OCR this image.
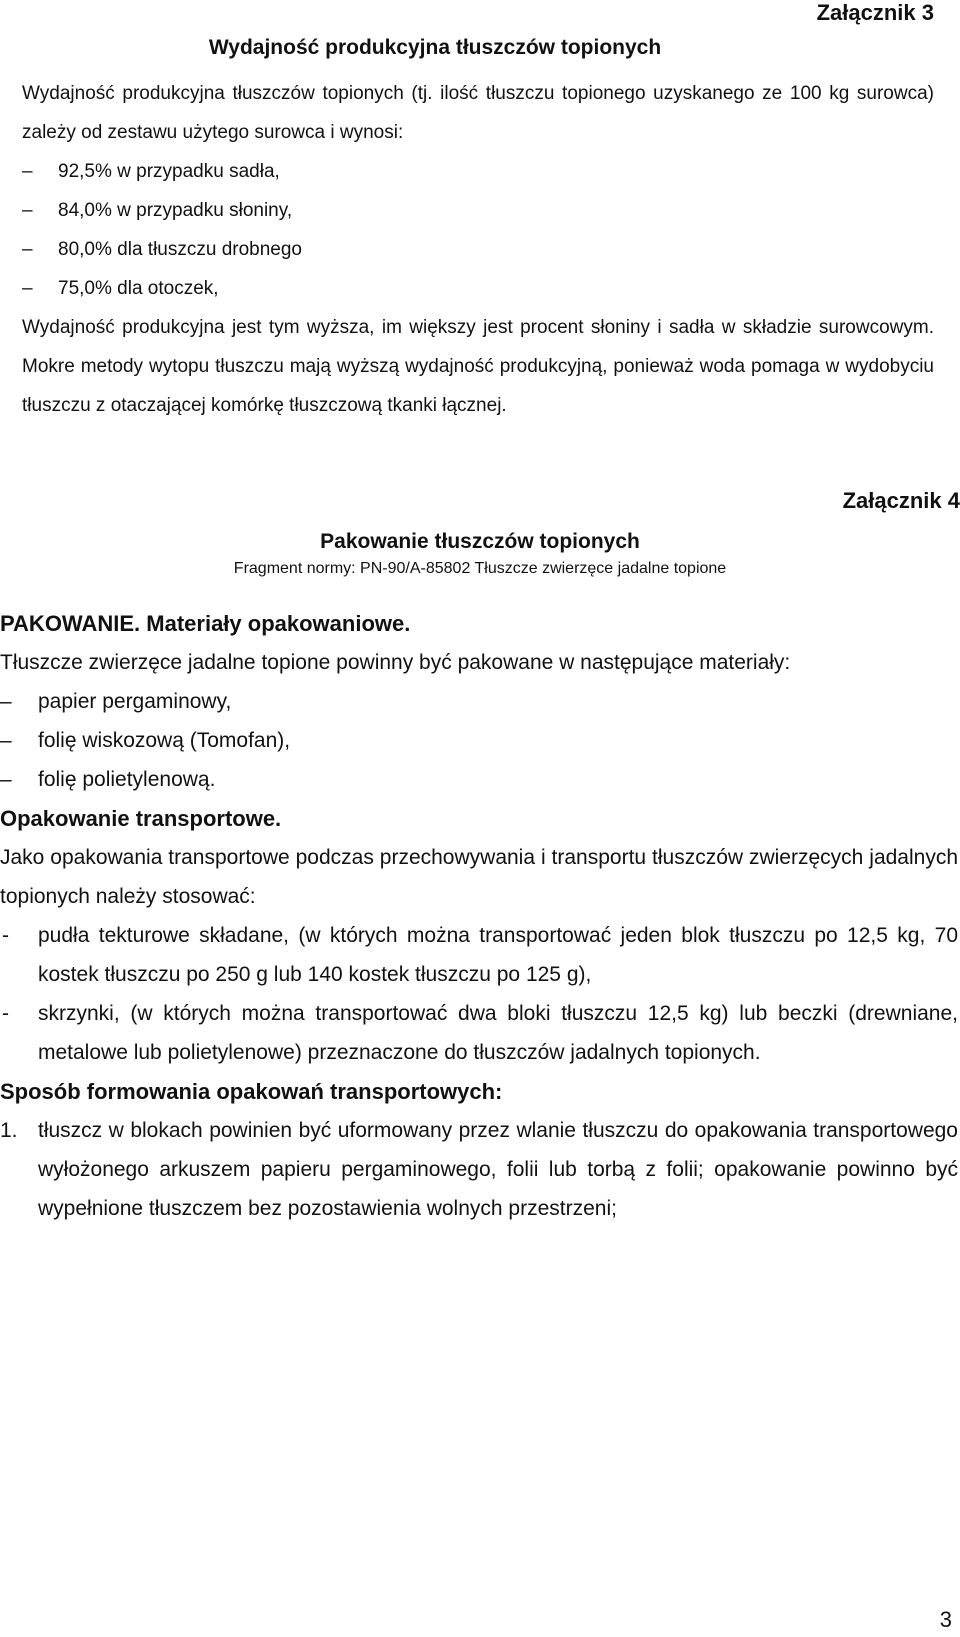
Załącznik 3
Wydajność produkcyjna tłuszczów topionych
Wydajność produkcyjna tłuszczów topionych (tj. ilość tłuszczu topionego uzyskanego ze 100 kg surowca) zależy od zestawu użytego surowca i wynosi:
– 92,5% w przypadku sadła,
– 84,0% w przypadku słoniny,
– 80,0% dla tłuszczu drobnego
– 75,0% dla otoczek,
Wydajność produkcyjna jest tym wyższa, im większy jest procent słoniny i sadła w składzie surowcowym. Mokre metody wytopu tłuszczu mają wyższą wydajność produkcyjną, ponieważ woda pomaga w wydobyciu tłuszczu z otaczającej komórkę tłuszczową tkanki łącznej.
Załącznik 4
Pakowanie tłuszczów topionych
Fragment normy: PN-90/A-85802 Tłuszcze zwierzęce jadalne topione
PAKOWANIE. Materiały opakowaniowe.
Tłuszcze zwierzęce jadalne topione powinny być pakowane w następujące materiały:
– papier pergaminowy,
– folię wiskozową (Tomofan),
– folię polietylenową.
Opakowanie transportowe.
Jako opakowania transportowe podczas przechowywania i transportu tłuszczów zwierzęcych jadalnych topionych należy stosować:
- pudła tekturowe składane, (w których można transportować jeden blok tłuszczu po 12,5 kg, 70 kostek tłuszczu po 250 g lub 140 kostek tłuszczu po 125 g),
- skrzynki, (w których można transportować dwa bloki tłuszczu 12,5 kg) lub beczki (drewniane, metalowe lub polietylenowe) przeznaczone do tłuszczów jadalnych topionych.
Sposób formowania opakowań transportowych:
1. tłuszcz w blokach powinien być uformowany przez wlanie tłuszczu do opakowania transportowego wyłożonego arkuszem papieru pergaminowego, folii lub torbą z folii; opakowanie powinno być wypełnione tłuszczem bez pozostawienia wolnych przestrzeni;
3
